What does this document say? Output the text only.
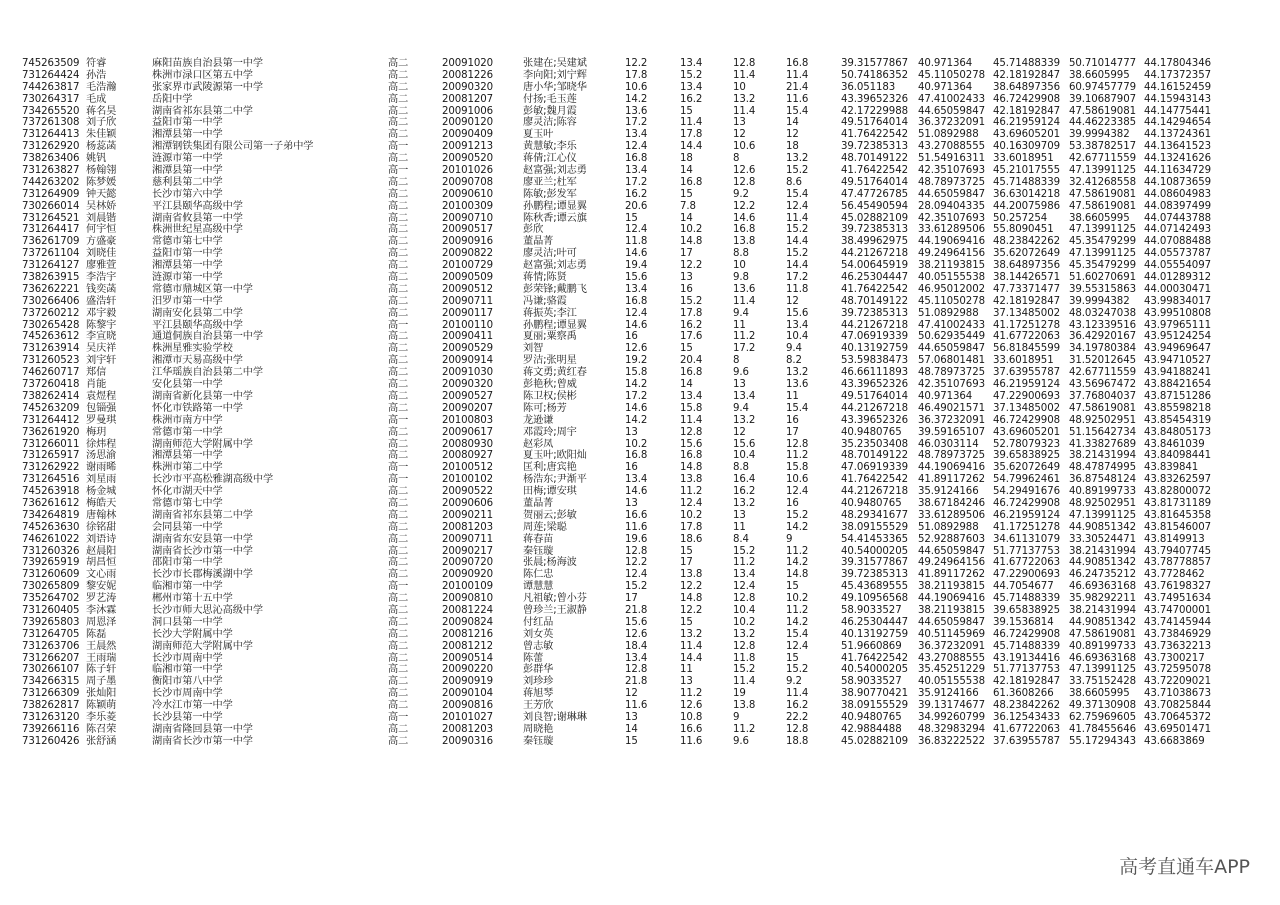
745263509 符睿	麻阳苗族自治县第一中学	高二	20091020	张建在;吴建斌	12.2	13.4	12.8	16.8	39.31577867 40.971364 45.71488339 50.71014777 44.17804346
731264424 孙浩	株洲市渌口区第五中学	高二	20081226	李向阳;刘宁辉	17.8	15.2	11.4	11.4	50.74186352 45.11050278 42.18192847 38.6605995 44.17372357
744263817 毛浩瀚	张家界市武陵源第一中学	高二	20090320	唐小华;邹晓华	10.6	13.4	10	21.4	36.051183 40.971364 38.64897356 60.97457779 44.16152459
730264317 毛成	岳阳中学	高二	20081207	付扬;毛玉莲	14.2	16.2	13.2	11.6	43.39652326 47.41002433 46.72429908 39.10687907 44.15943143
734265520 蒋名昊	湖南省祁东县第二中学	高二	20091006	彭敏;魏月霞	13.6	15	11.4	15.4	42.17229988 44.65059847 42.18192847 47.58619081 44.14775441
737261308 刘子欣	益阳市第一中学	高二	20090120	廖灵洁;陈容	17.2	11.4	13	14	49.51764014 36.37232091 46.21959124 44.46223385 44.14294654
731264413 朱佳颖	湘潭县第一中学	高二	20090409	夏玉叶	13.4	17.8	12	12	41.76422542 51.0892988 43.69605201 39.9994382 44.13724361
731262920 杨蕊菡	湘潭钢铁集团有限公司第一子弟中学	高一	20091213	黄慧敏;李乐	12.4	14.4	10.6	18	39.72385313 43.27088555 40.16309709 53.38782517 44.13641523
738263406 姚钒	涟源市第一中学	高二	20090520	蒋倩;江心仪	16.8	18	8	13.2	48.70149122 51.54916311 33.6018951 42.67711559 44.13241626
731263827 杨翰翎	湘潭县第一中学	高一	20101026	赵富强;刘志勇	13.4	14	12.6	15.2	41.76422542 42.35107693 45.21017555 47.13991125 44.11634729
744263202 陈梦媛	慈利县第二中学	高二	20090708	廖亚兰;杜军	17.2	16.8	12.8	8.6	49.51764014 48.78973725 45.71488339 32.41268558 44.10873659
731264909 钟天懿	长沙市第六中学	高二	20090610	陈敏;彭发军	16.2	15	9.2	15.4	47.47726785 44.65059847 36.63014218 47.58619081 44.08604983
730266014 吴林娇	平江县颐华高级中学	高二	20100309	孙鹏程;谭显翼	20.6	7.8	12.2	12.4	56.45490594 28.09404335 44.20075986 47.58619081 44.08397499
731264521 刘晨锴	湖南省攸县第一中学	高二	20090710	陈秋香;谭云旗	15	14	14.6	11.4	45.02882109 42.35107693 50.257254 38.6605995 44.07443788
731264417 何宇恒	株洲世纪星高级中学	高二	20090517	彭欣	12.4	10.2	16.8	15.2	39.72385313 33.61289506 55.8090451 47.13991125 44.07142493
736261709 方盛豪	常德市第七中学	高二	20090916	董晶菁	11.8	14.8	13.8	14.4	38.49962975 44.19069416 48.23842262 45.35479299 44.07088488
737261104 刘晓佳	益阳市第一中学	高二	20090822	廖灵洁;叶可	14.6	17	8.8	15.2	44.21267218 49.24964156 35.62072649 47.13991125 44.05573787
731264127 廖雅萱	湘潭县第一中学	高二	20100729	赵富强;刘志勇	19.4	12.2	10	14.4	54.00645919 38.21193815 38.64897356 45.35479299 44.05554097
738263915 李浩宇	涟源市第一中学	高二	20090509	蒋情;陈贤	15.6	13	9.8	17.2	46.25304447 40.05155538 38.14426571 51.60270691 44.01289312
736262221 钱奕菡	常德市鼎城区第一中学	高二	20090512	彭荣锋;戴鹏飞	13.4	16	13.6	11.8	41.76422542 46.95012002 47.73371477 39.55315863 44.00030471
730266406 盛浩轩	汨罗市第一中学	高二	20090711	冯谦;骆霞	16.8	15.2	11.4	12	48.70149122 45.11050278 42.18192847 39.9994382 43.99834017
737260212 邓宇毅	湖南安化县第二中学	高二	20090117	蒋振英;李江	12.4	17.8	9.4	15.6	39.72385313 51.0892988 37.13485002 48.03247038 43.99510808
730265428 陈黎宇	平江县颐华高级中学	高一	20100110	孙鹏程;谭显翼	14.6	16.2	11	13.4	44.21267218 47.41002433 41.17251278 43.12339516 43.97965111
745263612 李宣晓	通道侗族自治县第一中学	高二	20090411	夏丽;粟察禹	16	17.6	11.2	10.4	47.06919339 50.62935449 41.67722063 36.42920167 43.95124254
731263914 吴庆祥	株洲星雅实验学校	高二	20090529	刘智	12.6	15	17.2	9.4	40.13192759 44.65059847 56.81845599 34.19780384 43.94969647
731260523 刘宇轩	湘潭市天易高级中学	高二	20090914	罗洁;张明星	19.2	20.4	8	8.2	53.59838473 57.06801481 33.6018951 31.52012645 43.94710527
746260717 郑信	江华瑶族自治县第二中学	高二	20091030	蒋文勇;黄红春	15.8	16.8	9.6	13.2	46.66111893 48.78973725 37.63955787 42.67711559 43.94188241
737260418 肖能	安化县第一中学	高二	20090320	彭艳秋;曾威	14.2	14	13	13.6	43.39652326 42.35107693 46.21959124 43.56967472 43.88421654
738262414 袁煜程	湖南省新化县第一中学	高二	20090527	陈卫权;侯彬	17.2	13.4	13.4	11	49.51764014 40.971364 47.22900693 37.76804037 43.87151286
745263209 包锱强	怀化市铁路第一中学	高二	20090207	陈可;杨芳	14.6	15.8	9.4	15.4	44.21267218 46.49021571 37.13485002 47.58619081 43.85598218
731264412 罗曼琪	株洲市南方中学	高一	20100803	龙逊谦	14.2	11.4	13.2	16	43.39652326 36.37232091 46.72429908 48.92502951 43.85454319
736261920 梅玥	常德市第一中学	高二	20090617	邓霞玲;周宇	13	12.8	12	17	40.9480765 39.59165107 43.69605201 51.15642734 43.84805173
731266011 徐炜程	湖南师范大学附属中学	高二	20080930	赵彩凤	10.2	15.6	15.6	12.8	35.23503408 46.0303114 52.78079323 41.33827689 43.8461039
731265917 汤思渝	湘潭县第一中学	高二	20080927	夏玉叶;欧阳灿	16.8	16.8	10.4	11.2	48.70149122 48.78973725 39.65838925 38.21431994 43.84098441
731262922 谢雨晞	株洲市第二中学	高一	20100512	匡利;唐宾艳	16	14.8	8.8	15.8	47.06919339 44.19069416 35.62072649 48.47874995 43.839841
731264516 刘星雨	长沙市平高松雅湖高级中学	高一	20100102	杨浩东;尹渐平	13.4	13.8	16.4	10.6	41.76422542 41.89117262 54.79962461 36.87548124 43.83262597
745263918 杨金城	怀化市湖天中学	高二	20090522	田梅;谭安琪	14.6	11.2	16.2	12.4	44.21267218 35.9124166 54.29491676 40.89199733 43.82800072
736261612 梅皓天	常德市第七中学	高二	20090606	董晶菁	13	12.4	13.2	16	40.9480765 38.67184246 46.72429908 48.92502951 43.81731189
734264819 唐翰林	湖南省祁东县第二中学	高二	20090211	贺丽云;彭敏	16.6	10.2	13	15.2	48.29341677 33.61289506 46.21959124 47.13991125 43.81645358
745263630 徐铭甜	会同县第一中学	高二	20081203	周莲;梁聪	11.6	17.8	11	14.2	38.09155529 51.0892988 41.17251278 44.90851342 43.81546007
746261022 刘语诗	湖南省东安县第一中学	高二	20090711	蒋春苗	19.6	18.6	8.4	9	54.41453365 52.92887603 34.61131079 33.30524471 43.8149913
731260326 赵晨阳	湖南省长沙市第一中学	高二	20090217	秦钰璇	12.8	15	15.2	11.2	40.54000205 44.65059847 51.77137753 38.21431994 43.79407745
739265919 胡昌恒	邵阳市第一中学	高二	20090720	张晨;杨海波	12.2	17	11.2	14.2	39.31577867 49.24964156 41.67722063 44.90851342 43.78778857
731260609 文心雨	长沙市长郡梅溪湖中学	高二	20090920	陈仁忠	12.4	13.8	13.4	14.8	39.72385313 41.89117262 47.22900693 46.24735212 43.7728462
730265809 黎安妮	临湘市第一中学	高一	20100109	谭慧慧	15.2	12.2	12.4	15	45.43689555 38.21193815 44.7054677 46.69363168 43.76198327
735264702 罗艺涛	郴州市第十五中学	高二	20090810	凡祖敏;曾小芬	17	14.8	12.8	10.2	49.10956568 44.19069416 45.71488339 35.98292211 43.74951634
731260405 李沐霖	长沙市师大思沁高级中学	高二	20081224	曾珍兰;王淑静	21.8	12.2	10.4	11.2	58.9033527 38.21193815 39.65838925 38.21431994 43.74700001
739265803 周恩泽	洞口县第一中学	高二	20090824	付红品	15.6	15	10.2	14.2	46.25304447 44.65059847 39.1536814 44.90851342 43.74145944
731264705 陈磊	长沙大学附属中学	高二	20081216	刘女英	12.6	13.2	13.2	15.4	40.13192759 40.51145969 46.72429908 47.58619081 43.73846929
731263706 王晨然	湖南师范大学附属中学	高二	20081212	曾志敏	18.4	11.4	12.8	12.4	51.9660869 36.37232091 45.71488339 40.89199733 43.73632213
731266207 王雨瑞	长沙市周南中学	高二	20090514	陈蕾	13.4	14.4	11.8	15	41.76422542 43.27088555 43.19134416 46.69363168 43.7300217
730266107 陈子轩	临湘市第一中学	高二	20090220	彭群华	12.8	11	15.2	15.2	40.54000205 35.45251229 51.77137753 47.13991125 43.72595078
734266315 周子墨	衡阳市第八中学	高二	20090919	刘珍珍	21.8	13	11.4	9.2	58.9033527 40.05155538 42.18192847 33.75152428 43.72209021
731266309 张灿阳	长沙市周南中学	高二	20090104	蒋旭琴	12	11.2	19	11.4	38.90770421 35.9124166 61.3608266 38.6605995 43.71038673
738262817 陈颖萌	冷水江市第一中学	高二	20090816	王芳欣	11.6	12.6	13.8	16.2	38.09155529 39.13174677 48.23842262 49.37130908 43.70825844
731263120 李乐菱	长沙县第一中学	高一	20101027	刘良智;谢琳琳	13	10.8	9	22.2	40.9480765 34.99260799 36.12543433 62.75969605 43.70645372
739266116 陈召荣	湖南省隆回县第一中学	高二	20081203	周晓艳	14	16.6	11.2	12.8	42.9884488 48.32983294 41.67722063 41.78455646 43.69501471
731260426 张舒涵	湖南省长沙市第一中学	高二	20090316	秦钰璇	15	11.6	9.6	18.8	45.02882109 36.83222522 37.63955787 55.17294343 43.6683869
高考直通车APP
